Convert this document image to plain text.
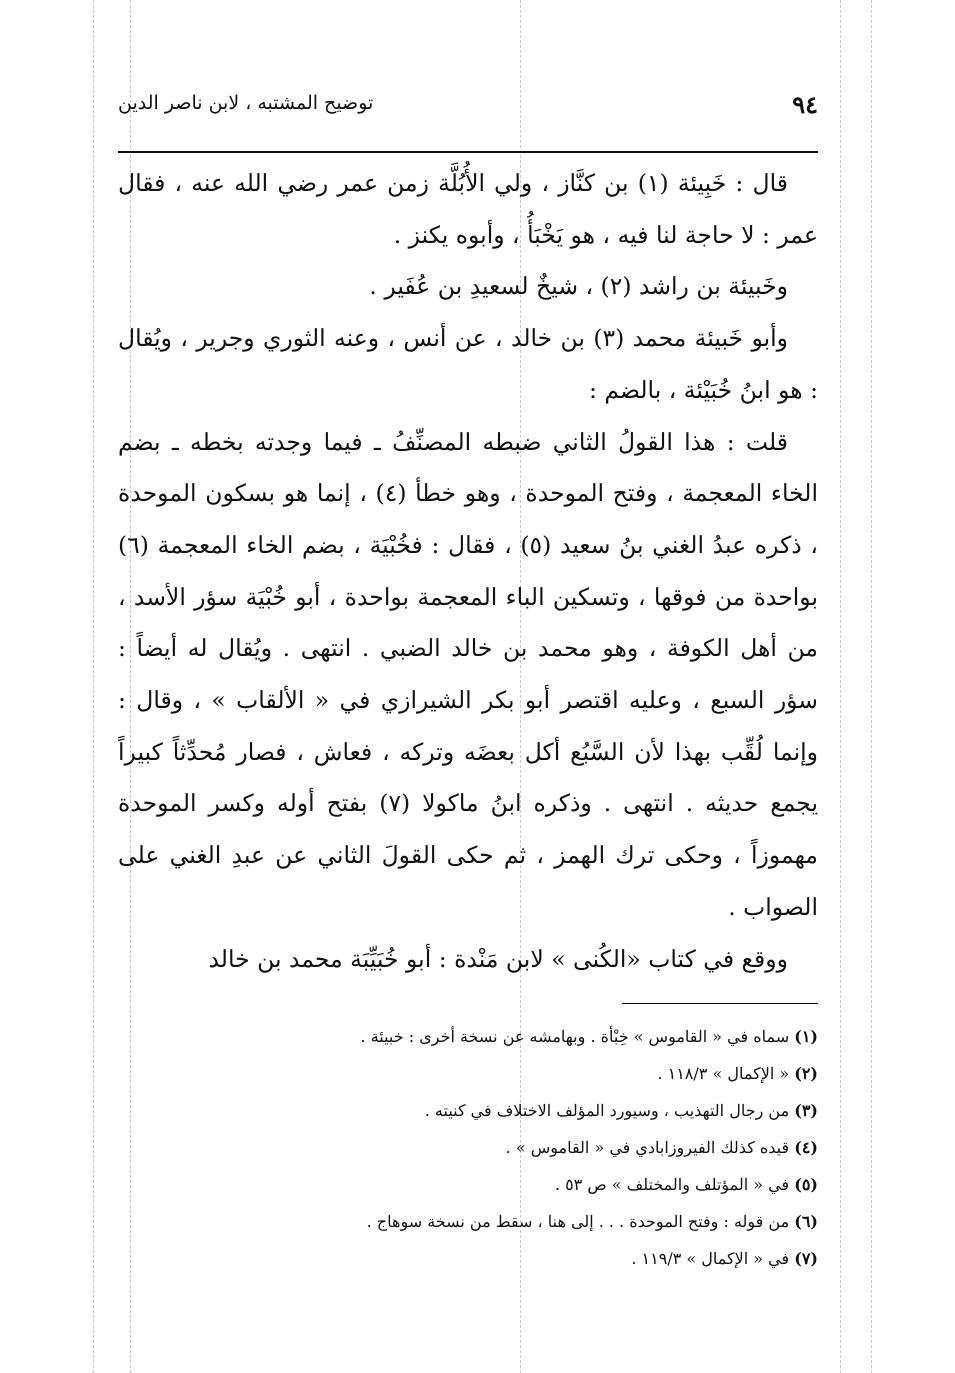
٩٤
توضيح المشتبه ، لابن ناصر الدين

قال : خَبِيئة (١) بن كنَّاز ، ولي الأُبُلَّة زمن عمر رضي الله عنه ، فقال عمر : لا حاجة لنا فيه ، هو يَخْبَأُ ، وأبوه يكنز .

وخَبيئة بن راشد (٢) ، شيخٌ لسعيدِ بن عُفَير .

وأبو خَبيئة محمد (٣) بن خالد ، عن أنس ، وعنه الثوري وجرير ، ويُقال : هو ابنُ خُبَيْئة ، بالضم :

قلت : هذا القولُ الثاني ضبطه المصنِّفُ ـ فيما وجدته بخطه ـ بضم الخاء المعجمة ، وفتح الموحدة ، وهو خطأ (٤) ، إنما هو بسكون الموحدة ، ذكره عبدُ الغني بنُ سعيد (٥) ، فقال : فخُبْيَة ، بضم الخاء المعجمة (٦) بواحدة من فوقها ، وتسكين الباء المعجمة بواحدة ، أبو خُبْيَة سؤر الأسد ، من أهل الكوفة ، وهو محمد بن خالد الضبي . انتهى . ويُقال له أيضاً : سؤر السبع ، وعليه اقتصر أبو بكر الشيرازي في « الألقاب » ، وقال : وإنما لُقِّب بهذا لأن السَّبُع أكل بعضَه وتركه ، فعاش ، فصار مُحدِّثاً كبيراً يجمع حديثه . انتهى . وذكره ابنُ ماكولا (٧) بفتح أوله وكسر الموحدة مهموزاً ، وحكى ترك الهمز ، ثم حكى القولَ الثاني عن عبدِ الغني على الصواب .

ووقع في كتاب «الكُنى » لابن مَنْدة : أبو خُبَيِّبَة محمد بن خالد

(١) سماه في « القاموس » خِبْأة . وبهامشه عن نسخة أخرى : خبيئة .

(٢) « الإكمال » ١١٨/٣ .

(٣) من رجال التهذيب ، وسيورد المؤلف الاختلاف في كنيته .

(٤) قيده كذلك الفيروزابادي في « القاموس » .

(٥) في « المؤتلف والمختلف » ص ٥٣ .

(٦) من قوله : وفتح الموحدة . . . إلى هنا ، سقط من نسخة سوهاج .

(٧) في « الإكمال » ١١٩/٣ .
